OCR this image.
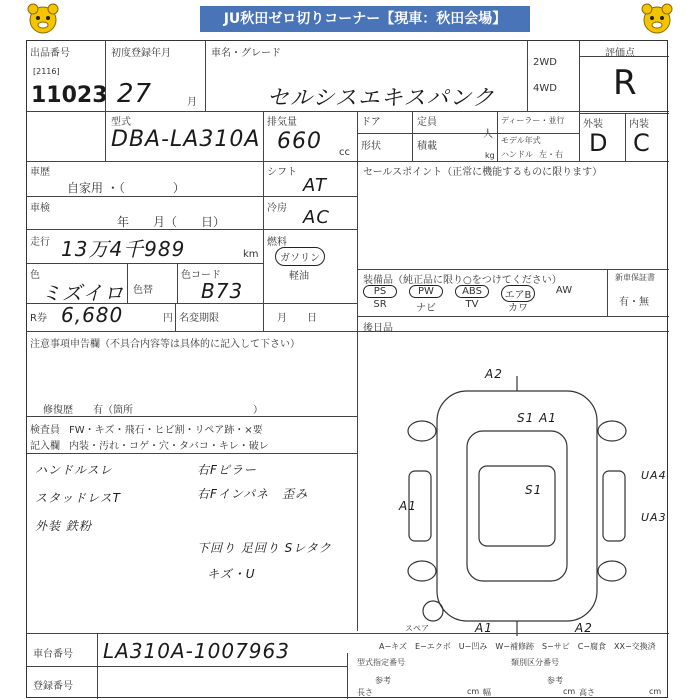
JU秋田ゼロ切りコーナー【現車：秋田会場】
出品番号
[2116]
11023
初度登録年月
27	月
車名・グレード
セルシスエキスパンク
2WD
4WD
評価点
R
外装	内装
D C
型式
DBA-LA310A
排気量
660 cc
ドア	定員
人
ディーラー・並行
形状	積載
kg
モデル年式
ハンドル 左・右
車歴
自家用 ・（　　　　）
車検
年　　月（　　日）
走行 13万4千989	km
色
ミズイロ 色替
色コード
B73
R券 6,680	円 名変期限	月　　日
シフト
AT
冷房 AC
燃料
ガソリン
軽油
セールスポイント（正常に機能するものに限ります）
装備品（純正品に限り○をつけてください）	新車保証書
有・無
PS	PW	ABS	エアB	AW
SR	ナビ	TV	カワ
後日品
注意事項申告欄（不具合内容等は具体的に記入して下さい）
修復歴　　有（箇所　　　　　　　　　　　　）
検査員
記入欄
FW・キズ・飛石・ヒビ割・リペア跡・×要
内装・汚れ・コゲ・穴・タバコ・キレ・破レ
ハンドルスレ
スタッドレスT
外装 鉄粉
右Fピラー
右Fインパネ　歪み
下回り 足回り Sレタク
キズ・U
A2
S1 A1
S1
UA4
UA3
A1
A1	A2
スペア
A−キズ　E−エクボ　U−凹み　W−補修跡　S−サビ　C−腐食　XX−交換済
車台番号 LA310A-1007963
登録番号
型式指定番号	類別区分番号
参考	参考
長さ	cm 幅	cm 高さ	cm
